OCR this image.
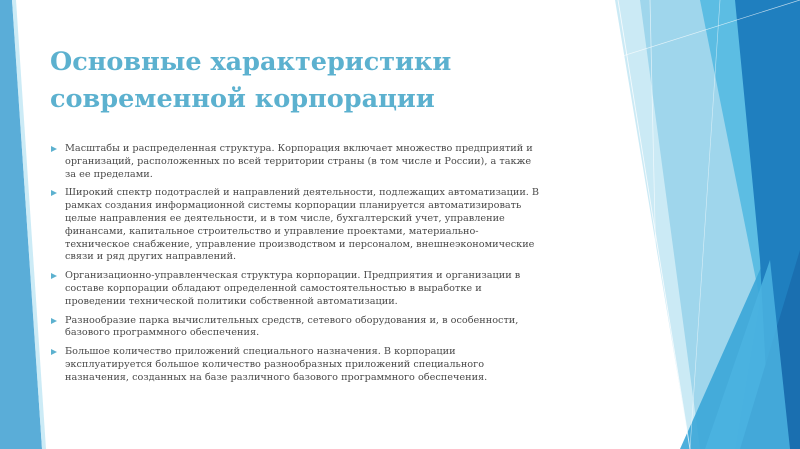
Основные характеристики
современной корпорации
Масштабы и распределенная структура. Корпорация включает множество предприятий и
организаций, расположенных по всей территории страны (в том числе и России), а также
за ее пределами.
Широкий спектр подотраслей и направлений деятельности, подлежащих автоматизации. В
рамках создания информационной системы корпорации планируется автоматизировать
целые направления ее деятельности, и в том числе, бухгалтерский учет, управление
финансами, капитальное строительство и управление проектами, материально-
техническое снабжение, управление производством и персоналом, внешнеэкономические
связи и ряд других направлений.
Организационно-управленческая структура корпорации. Предприятия и организации в
составе корпорации обладают определенной самостоятельностью в выработке и
проведении технической политики собственной автоматизации.
Разнообразие парка вычислительных средств, сетевого оборудования и, в особенности,
базового программного обеспечения.
Большое количество приложений специального назначения. В корпорации
эксплуатируется большое количество разнообразных приложений специального
назначения, созданных на базе различного базового программного обеспечения.
